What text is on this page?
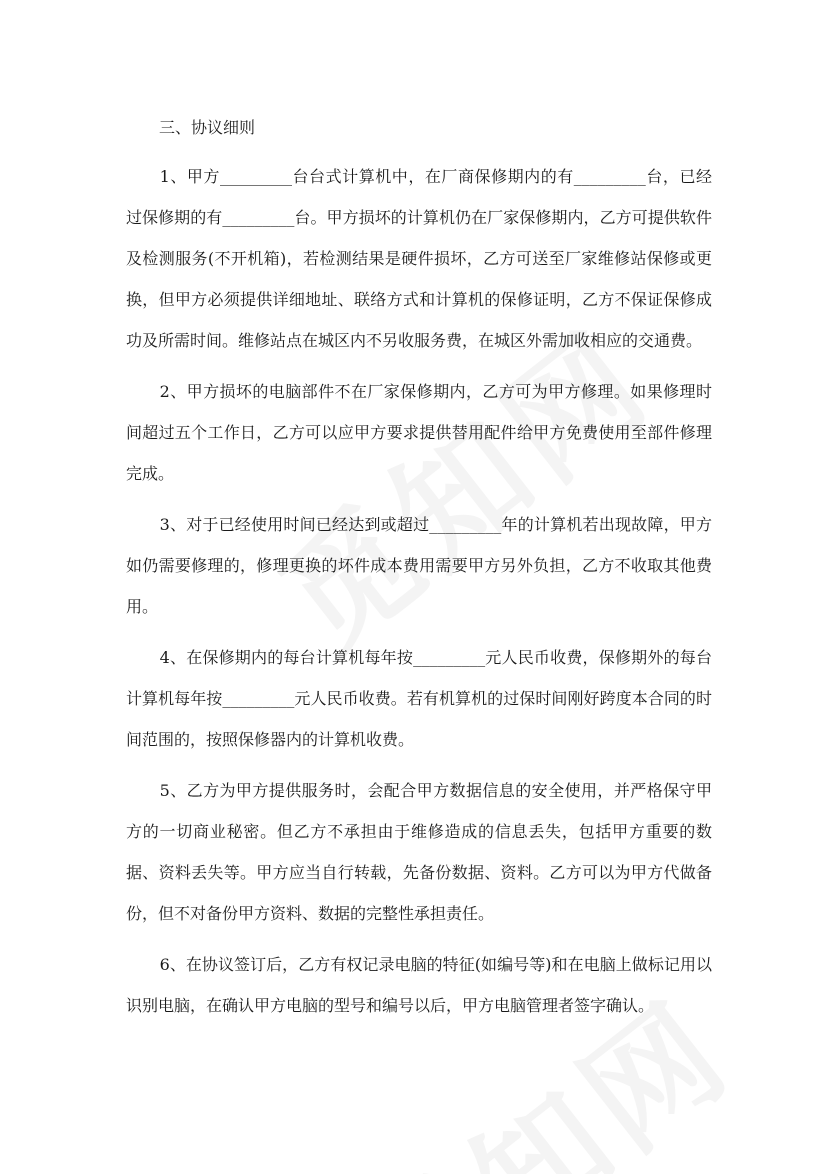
三、协议细则

1、甲方_________台台式计算机中，在厂商保修期内的有_________台，已经过保修期的有_________台。甲方损坏的计算机仍在厂家保修期内，乙方可提供软件及检测服务(不开机箱)，若检测结果是硬件损坏，乙方可送至厂家维修站保修或更换，但甲方必须提供详细地址、联络方式和计算机的保修证明，乙方不保证保修成功及所需时间。维修站点在城区内不另收服务费，在城区外需加收相应的交通费。

2、甲方损坏的电脑部件不在厂家保修期内，乙方可为甲方修理。如果修理时间超过五个工作日，乙方可以应甲方要求提供替用配件给甲方免费使用至部件修理完成。

3、对于已经使用时间已经达到或超过_________年的计算机若出现故障，甲方如仍需要修理的，修理更换的坏件成本费用需要甲方另外负担，乙方不收取其他费用。

4、在保修期内的每台计算机每年按_________元人民币收费，保修期外的每台计算机每年按_________元人民币收费。若有机算机的过保时间刚好跨度本合同的时间范围的，按照保修器内的计算机收费。

5、乙方为甲方提供服务时，会配合甲方数据信息的安全使用，并严格保守甲方的一切商业秘密。但乙方不承担由于维修造成的信息丢失，包括甲方重要的数据、资料丢失等。甲方应当自行转载，先备份数据、资料。乙方可以为甲方代做备份，但不对备份甲方资料、数据的完整性承担责任。

6、在协议签订后，乙方有权记录电脑的特征(如编号等)和在电脑上做标记用以识别电脑，在确认甲方电脑的型号和编号以后，甲方电脑管理者签字确认。
